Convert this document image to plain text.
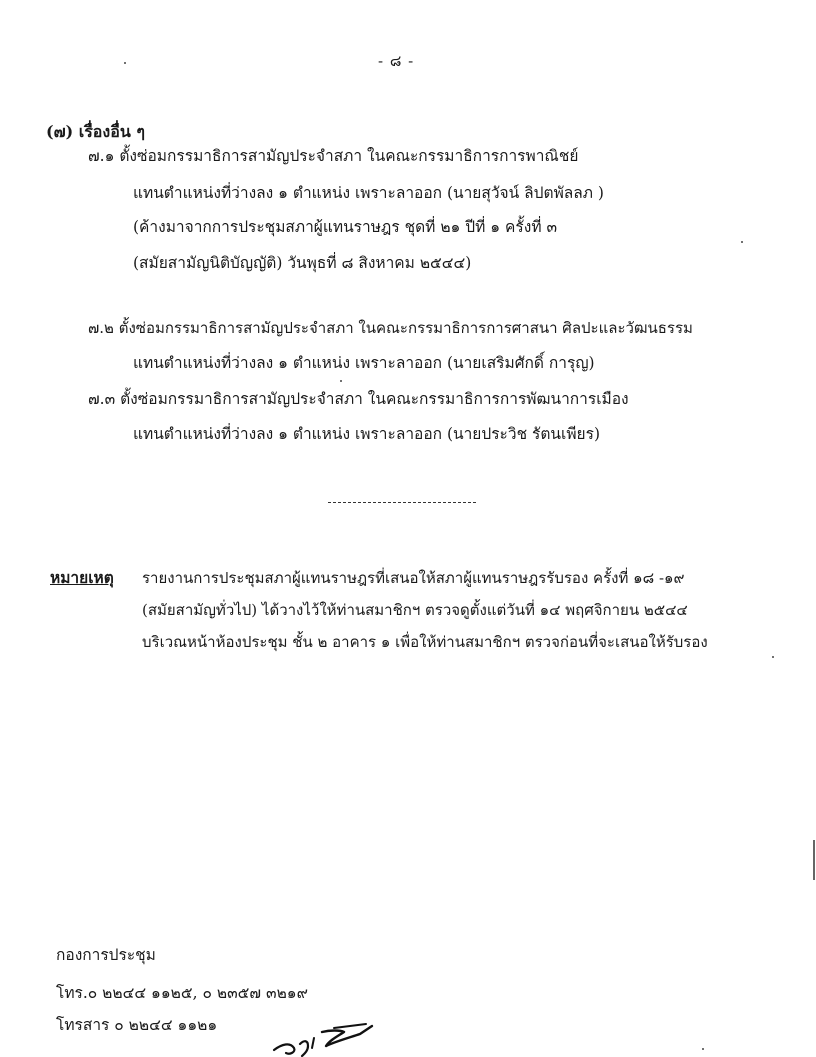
- ๘ -
(๗) เรื่องอื่น ๆ
๗.๑ ตั้งซ่อมกรรมาธิการสามัญประจำสภา ในคณะกรรมาธิการการพาณิชย์
แทนตำแหน่งที่ว่างลง ๑ ตำแหน่ง เพราะลาออก (นายสุวัจน์ ลิปตพัลลภ )
(ค้างมาจากการประชุมสภาผู้แทนราษฎร ชุดที่ ๒๑ ปีที่ ๑ ครั้งที่ ๓
(สมัยสามัญนิติบัญญัติ) วันพุธที่ ๘ สิงหาคม ๒๕๔๔)
๗.๒ ตั้งซ่อมกรรมาธิการสามัญประจำสภา ในคณะกรรมาธิการการศาสนา ศิลปะและวัฒนธรรม
แทนตำแหน่งที่ว่างลง ๑ ตำแหน่ง เพราะลาออก (นายเสริมศักดิ์ การุญ)
๗.๓ ตั้งซ่อมกรรมาธิการสามัญประจำสภา ในคณะกรรมาธิการการพัฒนาการเมือง
แทนตำแหน่งที่ว่างลง ๑ ตำแหน่ง เพราะลาออก (นายประวิช รัตนเพียร)
หมายเหตุ รายงานการประชุมสภาผู้แทนราษฎรที่เสนอให้สภาผู้แทนราษฎรรับรอง ครั้งที่ ๑๘ -๑๙
(สมัยสามัญทั่วไป) ได้วางไว้ให้ท่านสมาชิกฯ ตรวจดูตั้งแต่วันที่ ๑๔ พฤศจิกายน ๒๕๔๔
บริเวณหน้าห้องประชุม ชั้น ๒ อาคาร ๑ เพื่อให้ท่านสมาชิกฯ ตรวจก่อนที่จะเสนอให้รับรอง
กองการประชุม
โทร.๐ ๒๒๔๔ ๑๑๒๕, ๐ ๒๓๕๗ ๓๒๑๙
โทรสาร ๐ ๒๒๔๔ ๑๑๒๑
